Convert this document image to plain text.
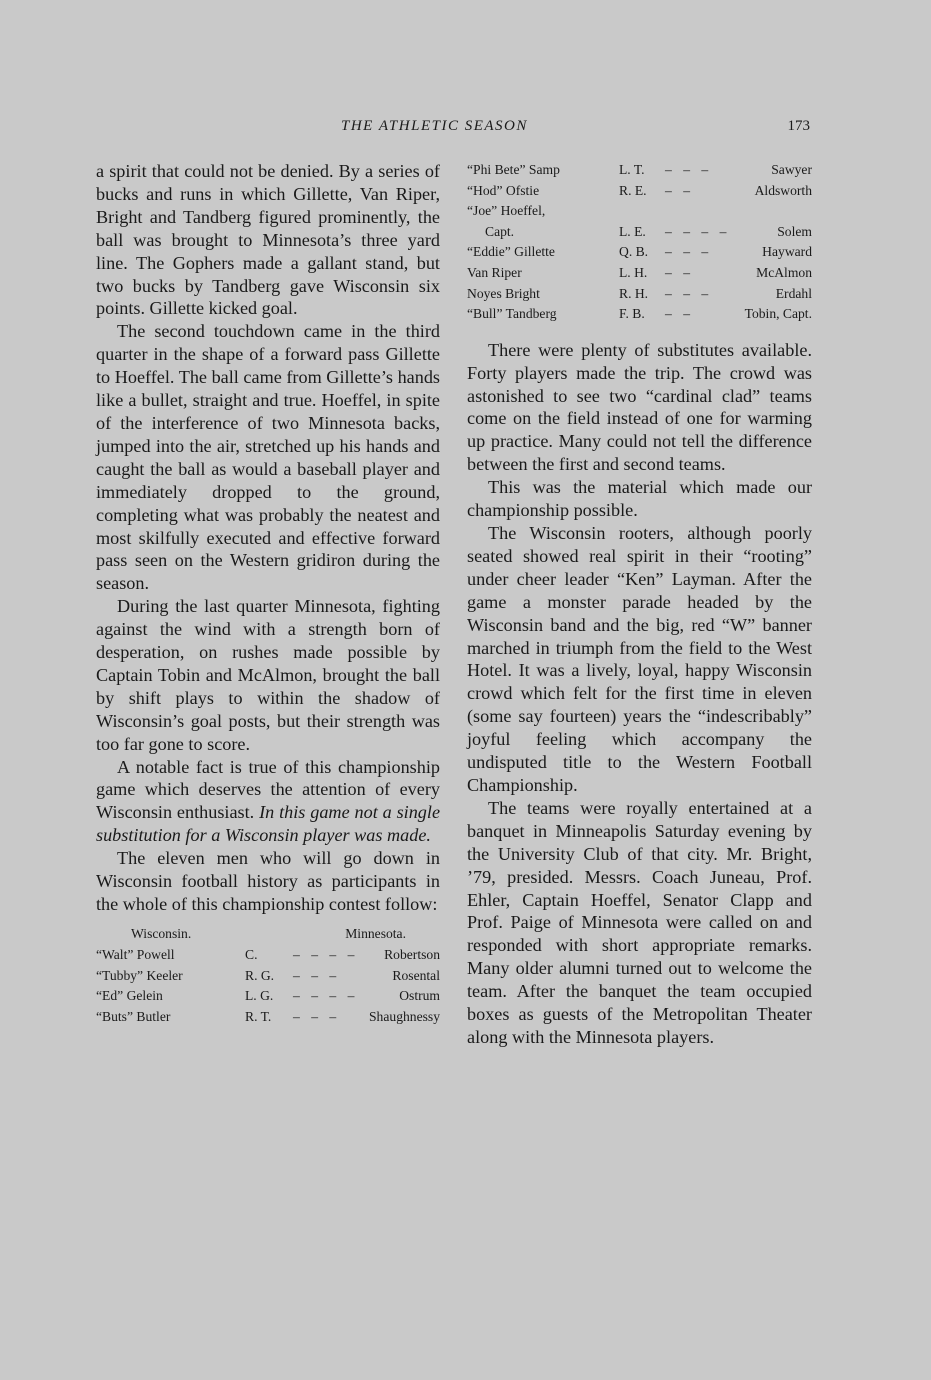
THE ATHLETIC SEASON	173

a spirit that could not be denied. By a series of bucks and runs in which Gillette, Van Riper, Bright and Tandberg figured prominently, the ball was brought to Minnesota’s three yard line. The Gophers made a gallant stand, but two bucks by Tandberg gave Wisconsin six points. Gillette kicked goal.

The second touchdown came in the third quarter in the shape of a forward pass Gillette to Hoeffel. The ball came from Gillette’s hands like a bullet, straight and true. Hoeffel, in spite of the interference of two Minnesota backs, jumped into the air, stretched up his hands and caught the ball as would a baseball player and immediately dropped to the ground, completing what was probably the neatest and most skilfully executed and effective forward pass seen on the Western gridiron during the season.

During the last quarter Minnesota, fighting against the wind with a strength born of desperation, on rushes made possible by Captain Tobin and McAlmon, brought the ball by shift plays to within the shadow of Wisconsin’s goal posts, but their strength was too far gone to score.

A notable fact is true of this championship game which deserves the attention of every Wisconsin enthusiast. In this game not a single substitution for a Wisconsin player was made.

The eleven men who will go down in Wisconsin football history as participants in the whole of this championship contest follow:

Wisconsin.	Minnesota.
“Walt” Powell	C.	– – – –	Robertson
“Tubby” Keeler	R. G.	– – –	Rosental
“Ed” Gelein	L. G.	– – – –	Ostrum
“Buts” Butler	R. T.	– – –	Shaughnessy
“Phi Bete” Samp	L. T.	– – –	Sawyer
“Hod” Ofstie	R. E.	– –	Aldsworth
“Joe” Hoeffel,
Capt.	L. E.	– – – –	Solem
“Eddie” Gillette	Q. B.	– – –	Hayward
Van Riper	L. H.	– –	McAlmon
Noyes Bright	R. H.	– – –	Erdahl
“Bull” Tandberg	F. B.	– –	Tobin, Capt.

There were plenty of substitutes available. Forty players made the trip. The crowd was astonished to see two “cardinal clad” teams come on the field instead of one for warming up practice. Many could not tell the difference between the first and second teams.

This was the material which made our championship possible.

The Wisconsin rooters, although poorly seated showed real spirit in their “rooting” under cheer leader “Ken” Layman. After the game a monster parade headed by the Wisconsin band and the big, red “W” banner marched in triumph from the field to the West Hotel. It was a lively, loyal, happy Wisconsin crowd which felt for the first time in eleven (some say fourteen) years the “indescribably” joyful feeling which accompany the undisputed title to the Western Football Championship.

The teams were royally entertained at a banquet in Minneapolis Saturday evening by the University Club of that city. Mr. Bright, ’79, presided. Messrs. Coach Juneau, Prof. Ehler, Captain Hoeffel, Senator Clapp and Prof. Paige of Minnesota were called on and responded with short appropriate remarks. Many older alumni turned out to welcome the team. After the banquet the team occupied boxes as guests of the Metropolitan Theater along with the Minnesota players.
